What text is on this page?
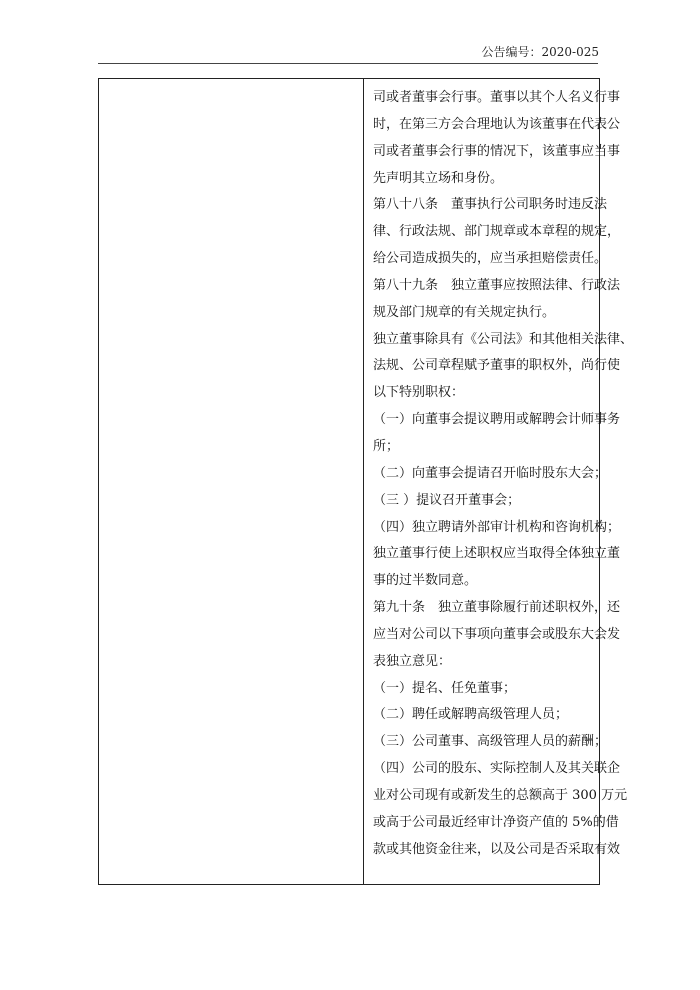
公告编号：2020-025
司或者董事会行事。董事以其个人名义行事
时，在第三方会合理地认为该董事在代表公
司或者董事会行事的情况下，该董事应当事
先声明其立场和身份。
第八十八条　董事执行公司职务时违反法
律、行政法规、部门规章或本章程的规定，
给公司造成损失的，应当承担赔偿责任。
第八十九条　独立董事应按照法律、行政法
规及部门规章的有关规定执行。
独立董事除具有《公司法》和其他相关法律、
法规、公司章程赋予董事的职权外，尚行使
以下特别职权：
（一）向董事会提议聘用或解聘会计师事务
所；
（二）向董事会提请召开临时股东大会；
（三 ）提议召开董事会；
（四）独立聘请外部审计机构和咨询机构；
独立董事行使上述职权应当取得全体独立董
事的过半数同意。
第九十条　独立董事除履行前述职权外，还
应当对公司以下事项向董事会或股东大会发
表独立意见：
（一）提名、任免董事；
（二）聘任或解聘高级管理人员；
（三）公司董事、高级管理人员的薪酬；
（四）公司的股东、实际控制人及其关联企
业对公司现有或新发生的总额高于 300 万元
或高于公司最近经审计净资产值的 5%的借
款或其他资金往来，以及公司是否采取有效
